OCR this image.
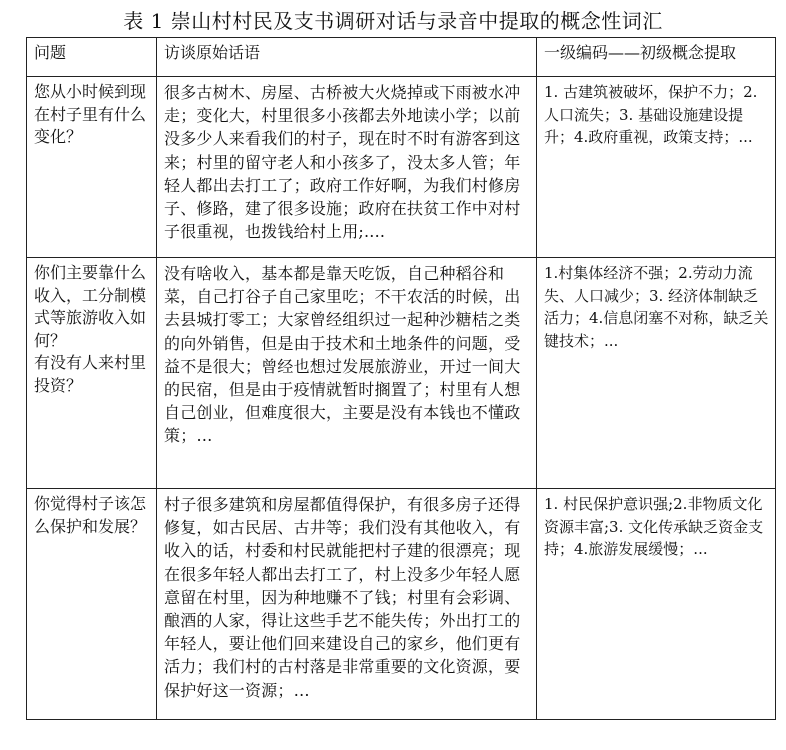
表 1 崇山村村民及支书调研对话与录音中提取的概念性词汇
问题	访谈原始话语	一级编码——初级概念提取

您从小时候到现在村子里有什么变化？	很多古树木、房屋、古桥被大火烧掉或下雨被水冲走；变化大，村里很多小孩都去外地读小学；以前没多少人来看我们的村子，现在时不时有游客到这来；村里的留守老人和小孩多了，没太多人管；年轻人都出去打工了；政府工作好啊，为我们村修房子、修路，建了很多设施；政府在扶贫工作中对村子很重视，也拨钱给村上用;....	1. 古建筑被破坏，保护不力；2. 人口流失；3. 基础设施建设提升；4.政府重视，政策支持；...

你们主要靠什么收入，工分制模式等旅游收入如何？
有没有人来村里投资？	没有啥收入，基本都是靠天吃饭，自己种稻谷和菜，自己打谷子自己家里吃；不干农活的时候，出去县城打零工；大家曾经组织过一起种沙糖桔之类的向外销售，但是由于技术和土地条件的问题，受益不是很大；曾经也想过发展旅游业，开过一间大的民宿，但是由于疫情就暂时搁置了；村里有人想自己创业，但难度很大，主要是没有本钱也不懂政策；…	1.村集体经济不强；2.劳动力流失、人口减少；3. 经济体制缺乏活力；4.信息闭塞不对称，缺乏关键技术；...

你觉得村子该怎么保护和发展？	村子很多建筑和房屋都值得保护，有很多房子还得修复，如古民居、古井等；我们没有其他收入，有收入的话，村委和村民就能把村子建的很漂亮；现在很多年轻人都出去打工了，村上没多少年轻人愿意留在村里，因为种地赚不了钱；村里有会彩调、酿酒的人家，得让这些手艺不能失传；外出打工的年轻人，要让他们回来建设自己的家乡，他们更有活力；我们村的古村落是非常重要的文化资源，要保护好这一资源；…	1. 村民保护意识强;2.非物质文化资源丰富;3. 文化传承缺乏资金支持；4.旅游发展缓慢；...
